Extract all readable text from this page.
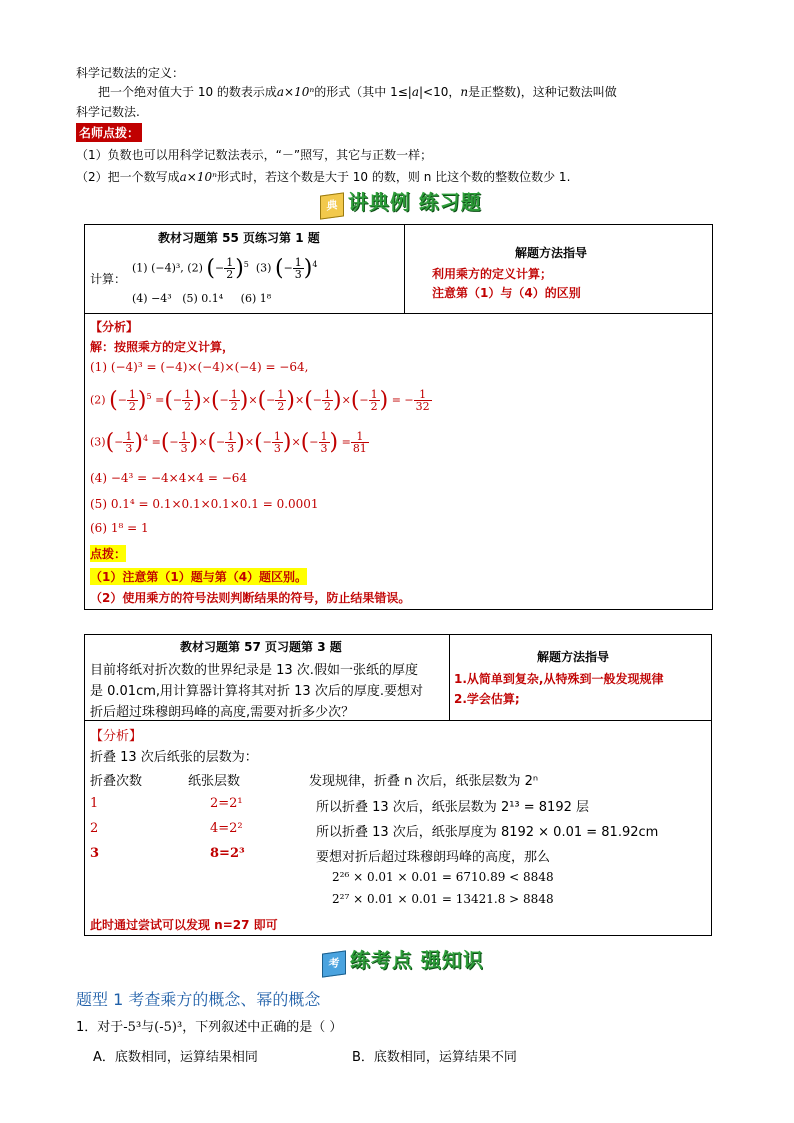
科学记数法的定义：
把一个绝对值大于 10 的数表示成a×10ⁿ的形式（其中 1≤|a|<10，n是正整数)，这种记数法叫做
科学记数法.
名师点拨：
（1）负数也可以用科学记数法表示，“－”照写，其它与正数一样；
（2）把一个数写成a×10ⁿ形式时，若这个数是大于 10 的数，则 n 比这个数的整数位数少 1.
典 讲典例 练习题
教材习题第 55 页练习第 1 题
计算：
(1) (−4)³, (2) (− $\frac{1}{2} )^5$ (3) (− $\frac{1}{3} )^4$
(4) −4³ (5) 0.1⁴ (6) 1⁸
解题方法指导
利用乘方的定义计算；
注意第（1）与（4）的区别
【分析】
解：按照乘方的定义计算，
(1) (−4)³ = (−4)×(−4)×(−4) = −64,
(2) (− $\frac{1}{2} )^5$ =(− $\frac{1}{2}$ )×(− $\frac{1}{2}$ )×(− $\frac{1}{2}$ )×(− $\frac{1}{2}$ )×(− $\frac{1}{2}$ ) = − $\frac{1}{32}$
$(3)(- \frac{1}{3} )^4$ =(− $\frac{1}{3}$ )×(− $\frac{1}{3}$ )×(− $\frac{1}{3}$ )×(− $\frac{1}{3}$ ) = $\frac{1}{81}$
(4) −4³ = −4×4×4 = −64
(5) 0.1⁴ = 0.1×0.1×0.1×0.1 = 0.0001
(6) 1⁸ = 1
点拨：
（1）注意第（1）题与第（4）题区别。
（2）使用乘方的符号法则判断结果的符号，防止结果错误。
教材习题第 57 页习题第 3 题
目前将纸对折次数的世界纪录是 13 次.假如一张纸的厚度
是 0.01cm,用计算器计算将其对折 13 次后的厚度.要想对
折后超过珠穆朗玛峰的高度,需要对折多少次？
解题方法指导
1.从简单到复杂,从特殊到一般发现规律
2.学会估算;
【分析】
折叠 13 次后纸张的层数为：
折叠次数	纸张层数	发现规律，折叠 n 次后，纸张层数为 2ⁿ
1	2=2¹
2	4=2²
3	8=2³
所以折叠 13 次后，纸张层数为 2¹³ = 8192 层
所以折叠 13 次后，纸张厚度为 8192 × 0.01 = 81.92cm
要想对折后超过珠穆朗玛峰的高度，那么
2²⁶ × 0.01 × 0.01 = 6710.89 < 8848
2²⁷ × 0.01 × 0.01 = 13421.8 > 8848
此时通过尝试可以发现 n=27 即可
考 练考点 强知识
题型 1 考查乘方的概念、幂的概念
1．对于-5³与(-5)³，下列叙述中正确的是（ ）
A．底数相同，运算结果相同	B．底数相同，运算结果不同
